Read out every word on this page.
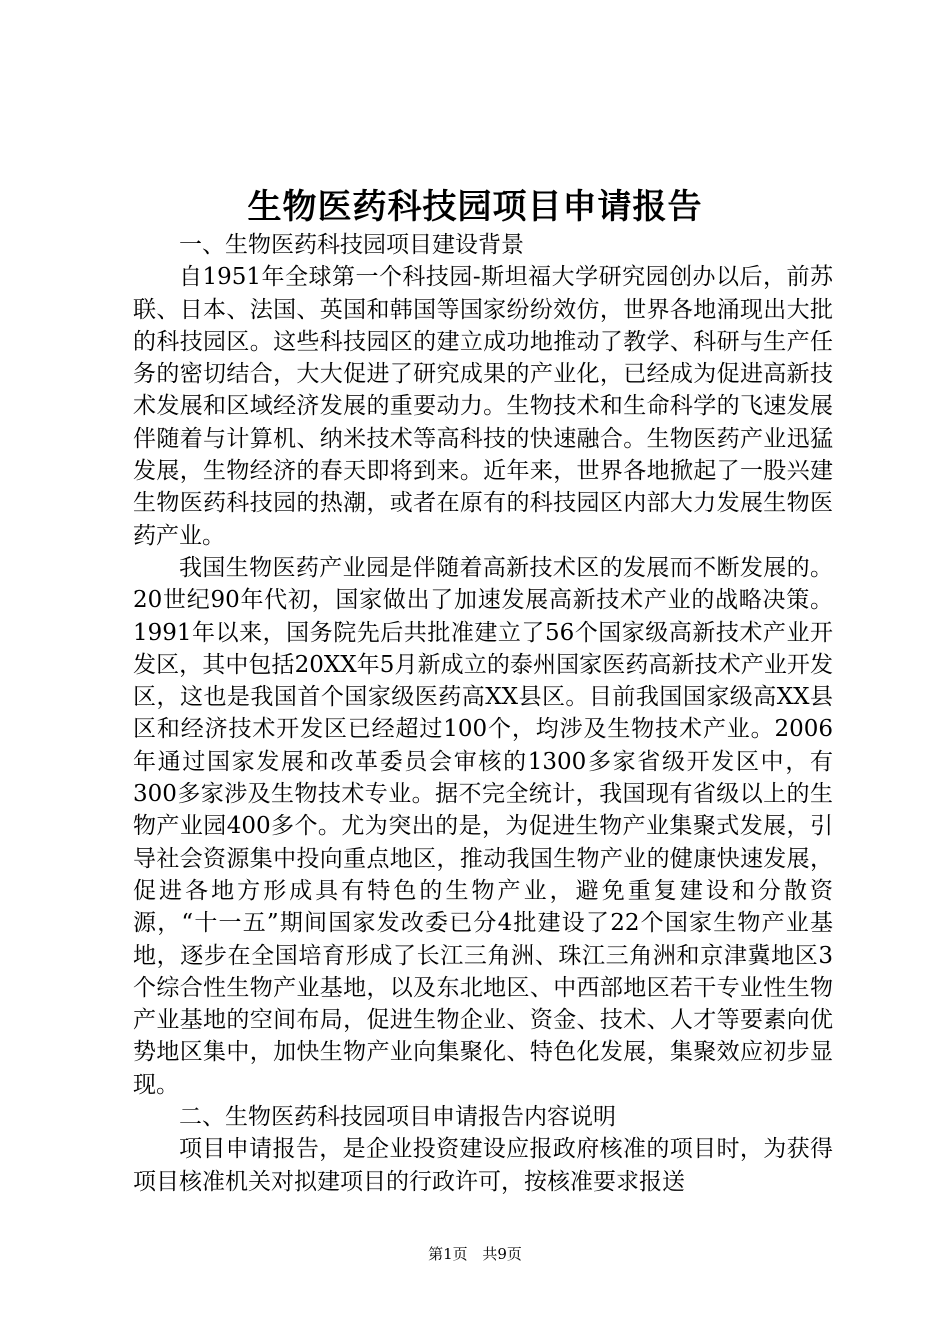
生物医药科技园项目申请报告

一、生物医药科技园项目建设背景

自1951年全球第一个科技园-斯坦福大学研究园创办以后，前苏联、日本、法国、英国和韩国等国家纷纷效仿，世界各地涌现出大批的科技园区。这些科技园区的建立成功地推动了教学、科研与生产任务的密切结合，大大促进了研究成果的产业化，已经成为促进高新技术发展和区域经济发展的重要动力。生物技术和生命科学的飞速发展伴随着与计算机、纳米技术等高科技的快速融合。生物医药产业迅猛发展，生物经济的春天即将到来。近年来，世界各地掀起了一股兴建生物医药科技园的热潮，或者在原有的科技园区内部大力发展生物医药产业。

我国生物医药产业园是伴随着高新技术区的发展而不断发展的。20世纪90年代初，国家做出了加速发展高新技术产业的战略决策。1991年以来，国务院先后共批准建立了56个国家级高新技术产业开发区，其中包括20XX年5月新成立的泰州国家医药高新技术产业开发区，这也是我国首个国家级医药高XX县区。目前我国国家级高XX县区和经济技术开发区已经超过100个，均涉及生物技术产业。2006年通过国家发展和改革委员会审核的1300多家省级开发区中，有300多家涉及生物技术专业。据不完全统计，我国现有省级以上的生物产业园400多个。尤为突出的是，为促进生物产业集聚式发展，引导社会资源集中投向重点地区，推动我国生物产业的健康快速发展，促进各地方形成具有特色的生物产业，避免重复建设和分散资源，“十一五”期间国家发改委已分4批建设了22个国家生物产业基地，逐步在全国培育形成了长江三角洲、珠江三角洲和京津冀地区3个综合性生物产业基地，以及东北地区、中西部地区若干专业性生物产业基地的空间布局，促进生物企业、资金、技术、人才等要素向优势地区集中，加快生物产业向集聚化、特色化发展，集聚效应初步显现。

二、生物医药科技园项目申请报告内容说明

项目申请报告，是企业投资建设应报政府核准的项目时，为获得项目核准机关对拟建项目的行政许可，按核准要求报送

第1页 共9页
